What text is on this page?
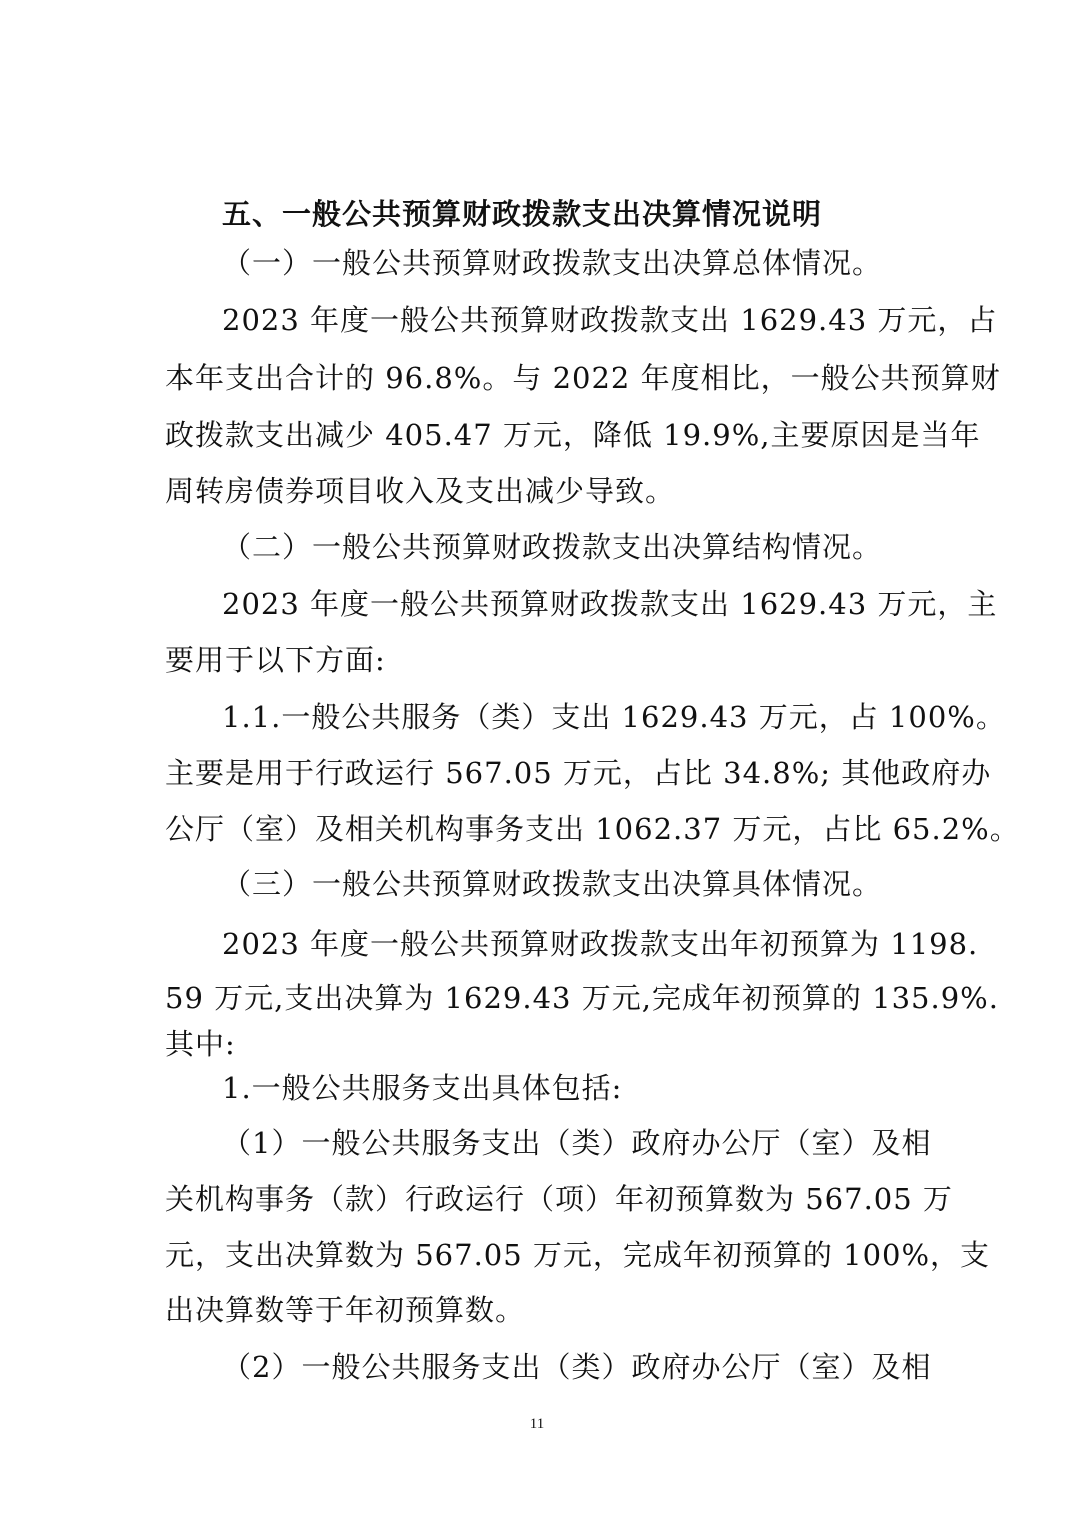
五、一般公共预算财政拨款支出决算情况说明
（一）一般公共预算财政拨款支出决算总体情况。
2023 年度一般公共预算财政拨款支出 1629.43 万元，占
本年支出合计的 96.8%。与 2022 年度相比，一般公共预算财
政拨款支出减少 405.47 万元，降低 19.9%,主要原因是当年
周转房债券项目收入及支出减少导致。
（二）一般公共预算财政拨款支出决算结构情况。
2023 年度一般公共预算财政拨款支出 1629.43 万元，主
要用于以下方面:
1.1.一般公共服务（类）支出 1629.43 万元，占 100%。
主要是用于行政运行 567.05 万元，占比 34.8%; 其他政府办
公厅（室）及相关机构事务支出 1062.37 万元，占比 65.2%。
（三）一般公共预算财政拨款支出决算具体情况。
2023 年度一般公共预算财政拨款支出年初预算为 1198.
59 万元,支出决算为 1629.43 万元,完成年初预算的 135.9%.
其中:
1.一般公共服务支出具体包括:
（1）一般公共服务支出（类）政府办公厅（室）及相
关机构事务（款）行政运行（项）年初预算数为 567.05 万
元，支出决算数为 567.05 万元，完成年初预算的 100%，支
出决算数等于年初预算数。
（2）一般公共服务支出（类）政府办公厅（室）及相
11
